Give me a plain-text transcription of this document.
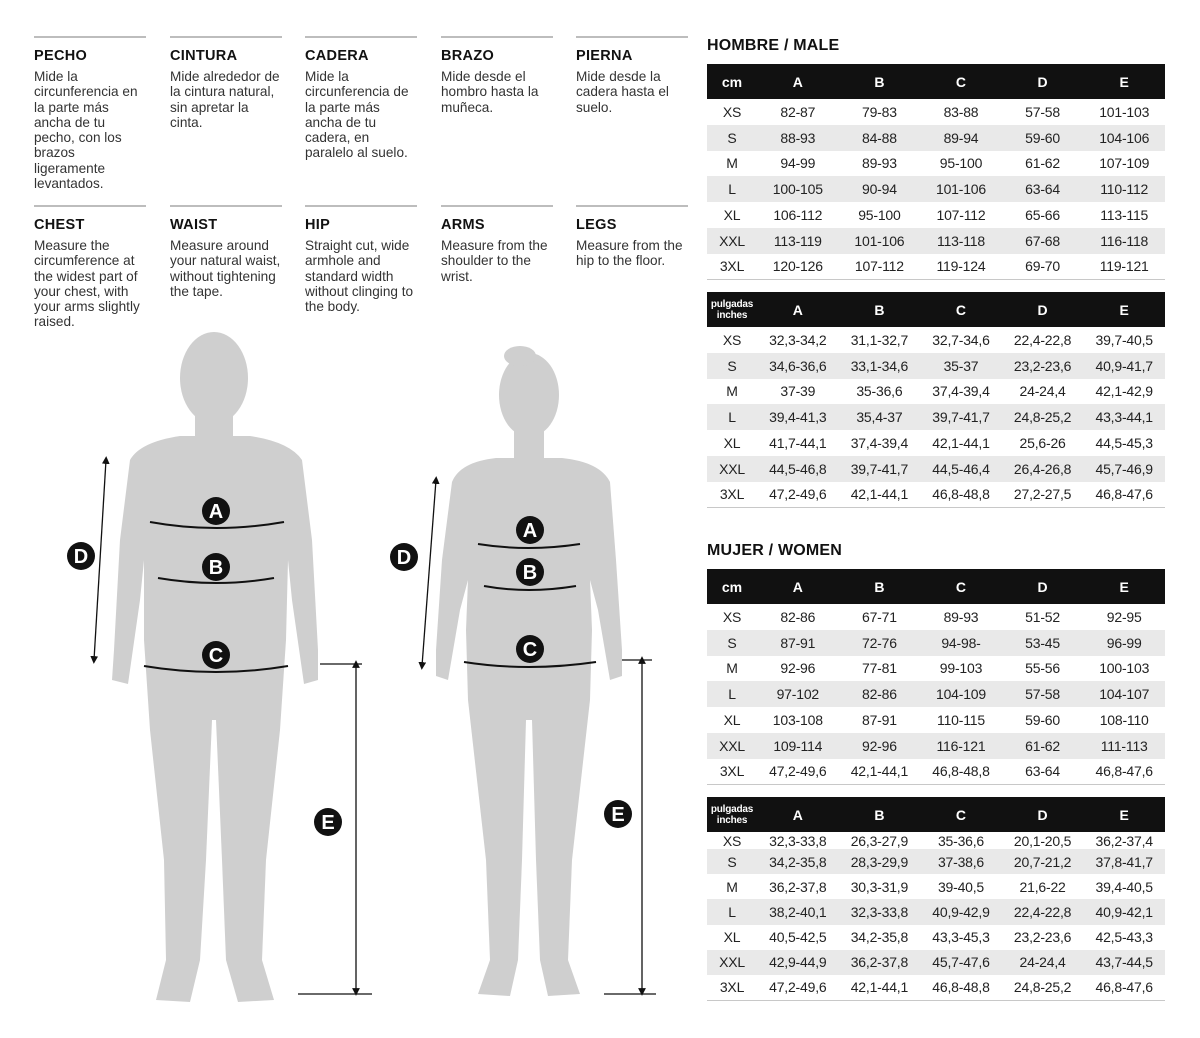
PECHO

Mide la circunferencia en la parte más ancha de tu pecho, con los brazos ligeramente levantados.

CINTURA

Mide alrededor de la cintura natural, sin apretar la cinta.

CADERA

Mide la circunferencia de la parte más ancha de tu cadera, en paralelo al suelo.

BRAZO

Mide desde el hombro hasta la muñeca.

PIERNA

Mide desde la cadera hasta el suelo.

CHEST

Measure the circumference at the widest part of your chest, with your arms slightly raised.

WAIST

Measure around your natural waist, without tightening the tape.

HIP

Straight cut, wide armhole and standard width without clinging to the body.

ARMS

Measure from the shoulder to the wrist.

LEGS

Measure from the hip to the floor.

A
B
C
D
E
A
B
C
D
E
HOMBRE / MALE
cm	A	B	C	D	E
XS	82-87	79-83	83-88	57-58	101-103
S	88-93	84-88	89-94	59-60	104-106
M	94-99	89-93	95-100	61-62	107-109
L	100-105	90-94	101-106	63-64	110-112
XL	106-112	95-100	107-112	65-66	113-115
XXL	113-119	101-106	113-118	67-68	116-118
3XL	120-126	107-112	119-124	69-70	119-121
pulgadas
inches	A	B	C	D	E
XS	32,3-34,2	31,1-32,7	32,7-34,6	22,4-22,8	39,7-40,5
S	34,6-36,6	33,1-34,6	35-37	23,2-23,6	40,9-41,7
M	37-39	35-36,6	37,4-39,4	24-24,4	42,1-42,9
L	39,4-41,3	35,4-37	39,7-41,7	24,8-25,2	43,3-44,1
XL	41,7-44,1	37,4-39,4	42,1-44,1	25,6-26	44,5-45,3
XXL	44,5-46,8	39,7-41,7	44,5-46,4	26,4-26,8	45,7-46,9
3XL	47,2-49,6	42,1-44,1	46,8-48,8	27,2-27,5	46,8-47,6
MUJER / WOMEN
cm	A	B	C	D	E
XS	82-86	67-71	89-93	51-52	92-95
S	87-91	72-76	94-98-	53-45	96-99
M	92-96	77-81	99-103	55-56	100-103
L	97-102	82-86	104-109	57-58	104-107
XL	103-108	87-91	110-115	59-60	108-110
XXL	109-114	92-96	116-121	61-62	111-113
3XL	47,2-49,6	42,1-44,1	46,8-48,8	63-64	46,8-47,6
pulgadas
inches	A	B	C	D	E
XS	32,3-33,8	26,3-27,9	35-36,6	20,1-20,5	36,2-37,4
S	34,2-35,8	28,3-29,9	37-38,6	20,7-21,2	37,8-41,7
M	36,2-37,8	30,3-31,9	39-40,5	21,6-22	39,4-40,5
L	38,2-40,1	32,3-33,8	40,9-42,9	22,4-22,8	40,9-42,1
XL	40,5-42,5	34,2-35,8	43,3-45,3	23,2-23,6	42,5-43,3
XXL	42,9-44,9	36,2-37,8	45,7-47,6	24-24,4	43,7-44,5
3XL	47,2-49,6	42,1-44,1	46,8-48,8	24,8-25,2	46,8-47,6
